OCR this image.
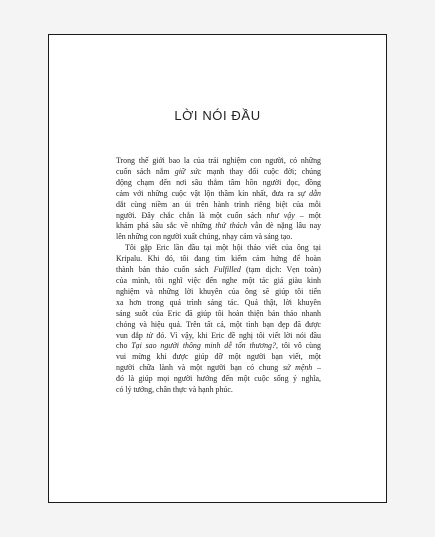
LỜI NÓI ĐẦU

Trong thế giới bao la của trải nghiệm con người, có những
cuốn sách nắm giữ sức mạnh thay đổi cuộc đời; chúng
động chạm đến nơi sâu thẳm tâm hồn người đọc, đồng
cảm với những cuộc vật lộn thầm kín nhất, đưa ra sự dẫn
dắt cùng niềm an ủi trên hành trình riêng biệt của mỗi
người. Đây chắc chắn là một cuốn sách như vậy – một
khám phá sâu sắc về những thử thách vẫn đè nặng lâu nay
lên những con người xuất chúng, nhạy cảm và sáng tạo.

Tôi gặp Eric lần đầu tại một hội thảo viết của ông tại
Kripalu. Khi đó, tôi đang tìm kiếm cảm hứng để hoàn
thành bản thảo cuốn sách Fulfilled (tạm dịch: Vẹn toàn)
của mình, tôi nghĩ việc đến nghe một tác giả giàu kinh
nghiệm và những lời khuyên của ông sẽ giúp tôi tiến
xa hơn trong quá trình sáng tác. Quả thật, lời khuyên
sáng suốt của Eric đã giúp tôi hoàn thiện bản thảo nhanh
chóng và hiệu quả. Trên tất cả, một tình bạn đẹp đã được
vun đắp từ đó. Vì vậy, khi Eric đề nghị tôi viết lời nói đầu
cho Tại sao người thông minh dễ tổn thương?, tôi vô cùng
vui mừng khi được giúp đỡ một người bạn viết, một
người chữa lành và một người bạn có chung sứ mệnh –
đó là giúp mọi người hướng đến một cuộc sống ý nghĩa,
có lý tưởng, chân thực và hạnh phúc.
